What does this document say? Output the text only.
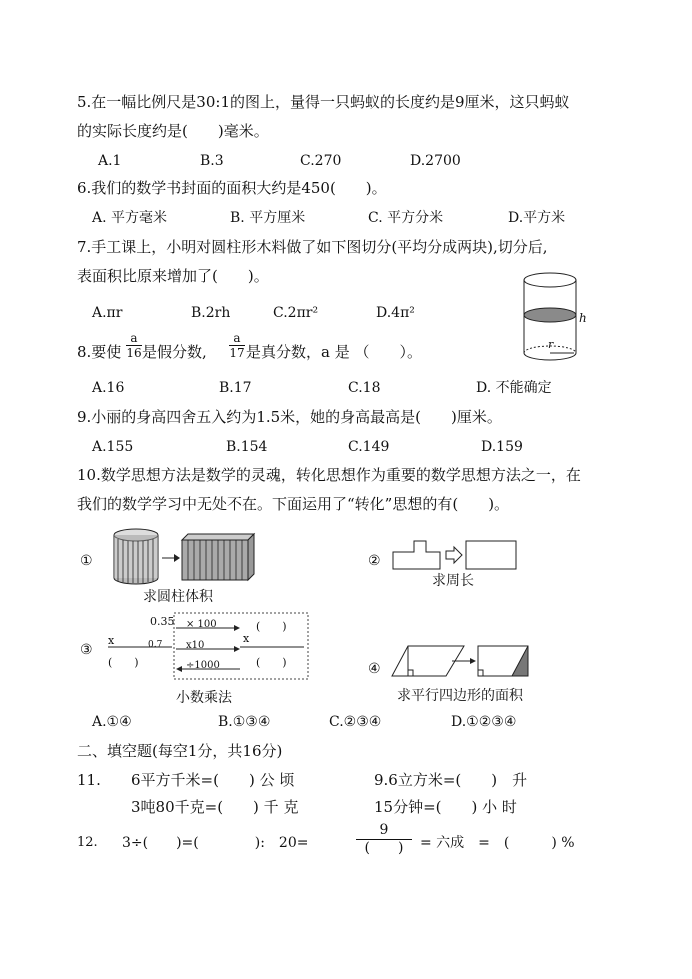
5.在一幅比例尺是30:1的图上，量得一只蚂蚁的长度约是9厘米，这只蚂蚁
的实际长度约是(　　)毫米。
A.1	B.3	C.270	D.2700
6.我们的数学书封面的面积大约是450(　　)。
A. 平方毫米	B. 平方厘米	C. 平方分米	D.平方米
7.手工课上，小明对圆柱形木料做了如下图切分(平均分成两块),切分后,
表面积比原来增加了(　　)。
A.πr	B.2rh	C.2πr²	D.4π²	h
r
8.要使
a
16 是假分数,
a
17 是真分数，a 是 （　　）。
A.16	B.17	C.18	D. 不能确定
9.小丽的身高四舍五入约为1.5米，她的身高最高是(　　)厘米。
A.155	B.154	C.149	D.159
10.数学思想方法是数学的灵魂，转化思想作为重要的数学思想方法之一，在
我们的数学学习中无处不在。下面运用了“转化”思想的有(　　)。
①
求圆柱体积
②
求周长
③
0.35 × 100
x10
÷1000
x	0.7	x
(　　)
(　　)
(　　)
小数乘法
④
求平行四边形的面积
A.①④	B.①③④	C.②③④	D.①②③④
二、填空题(每空1分，共16分)
11. 6平方千米=(　　) 公 顷	9.6立方米=(　　)　升
3吨80千克=(　　) 千 克	15分钟=(　　) 小 时
12. 3÷(　　)=(　　　　):　20=
9
(　　) = 六成　=　(　　　) %
